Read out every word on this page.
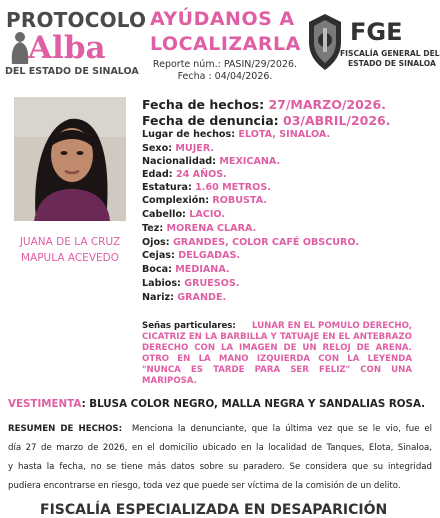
PROTOCOLO
Alba
DEL ESTADO DE SINALOA
AYÚDANOS A
LOCALIZARLA
Reporte núm.: PASIN/29/2026.
Fecha : 04/04/2026.
FGE
FISCALÍA GENERAL DEL
ESTADO DE SINALOA
JUANA DE LA CRUZ
MAPULA ACEVEDO
Fecha de hechos: 27/MARZO/2026.
Fecha de denuncia: 03/ABRIL/2026.
Lugar de hechos: ELOTA, SINALOA.
Sexo: MUJER.
Nacionalidad: MEXICANA.
Edad: 24 AÑOS.
Estatura: 1.60 METROS.
Complexión: ROBUSTA.
Cabello: LACIO.
Tez: MORENA CLARA.
Ojos: GRANDES, COLOR CAFÉ OBSCURO.
Cejas: DELGADAS.
Boca: MEDIANA.
Labios: GRUESOS.
Nariz: GRANDE.
Señas particulares: LUNAR EN EL POMULO DERECHO,
CICATRIZ EN LA BARBILLA Y TATUAJE EN EL ANTEBRAZO
DERECHO CON LA IMAGEN DE UN RELOJ DE ARENA.
OTRO EN LA MANO IZQUIERDA CON LA LEYENDA
"NUNCA ES TARDE PARA SER FELIZ" CON UNA
MARIPOSA.
VESTIMENTA: BLUSA COLOR NEGRO, MALLA NEGRA Y SANDALIAS ROSA.
RESUMEN DE HECHOS: Menciona la denunciante, que la última vez que se le vio, fue el
día 27 de marzo de 2026, en el domicilio ubicado en la localidad de Tanques, Elota, Sinaloa,
y hasta la fecha, no se tiene más datos sobre su paradero. Se considera que su integridad
pudiera encontrarse en riesgo, toda vez que puede ser víctima de la comisión de un delito.
FISCALÍA ESPECIALIZADA EN DESAPARICIÓN
